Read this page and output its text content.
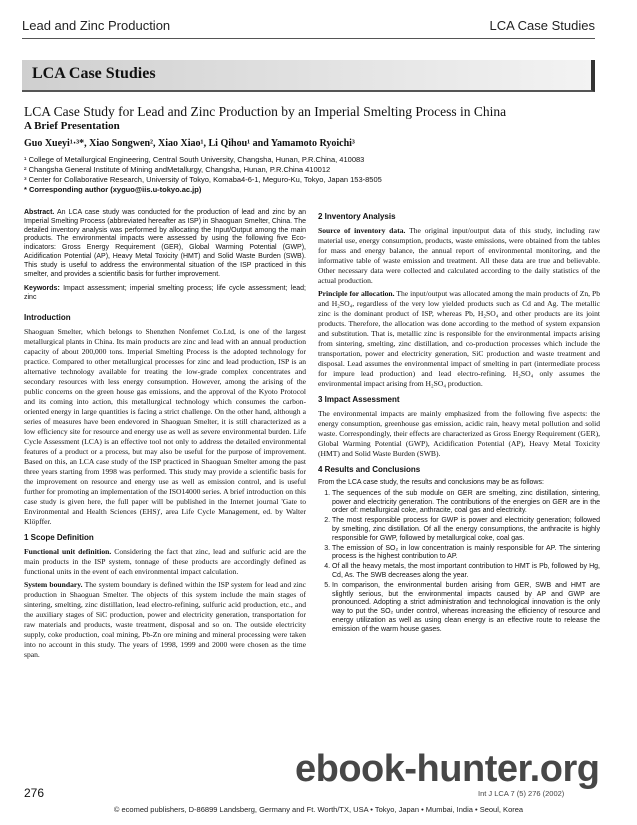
Lead and Zinc Production	LCA Case Studies
LCA Case Studies
LCA Case Study for Lead and Zinc Production by an Imperial Smelting Process in China
A Brief Presentation
Guo Xueyi¹·³*, Xiao Songwen², Xiao Xiao¹, Li Qihou¹ and Yamamoto Ryoichi³
¹ College of Metallurgical Engineering, Central South University, Changsha, Hunan, P.R.China, 410083
² Changsha General Institute of Mining andMetallurgy, Changsha, Hunan, P.R.China 410012
³ Center for Collaborative Research, University of Tokyo, Komaba4-6-1, Meguro-Ku, Tokyo, Japan 153-8505
* Corresponding author (xyguo@iis.u-tokyo.ac.jp)

Abstract. An LCA case study was conducted for the production of lead and zinc by an Imperial Smelting Process (abbreviated hereafter as ISP) in Shaoguan Smelter, China. The detailed inventory analysis was performed by allocating the Input/Output among the main products. The environmental impacts were assessed by using the following five Eco-indicators: Gross Energy Requirement (GER), Global Warming Potential (GWP), Acidification Potential (AP), Heavy Metal Toxicity (HMT) and Solid Waste Burden (SWB). This study is useful to address the environmental situation of the ISP practiced in this smelter, and provides a scientific basis for further improvement.

Keywords: Impact assessment; imperial smelting process; life cycle assessment; lead; zinc

Introduction

Shaoguan Smelter, which belongs to Shenzhen Nonfemet Co.Ltd, is one of the largest metallurgical plants in China. Its main products are zinc and lead with an annual production capacity of about 200,000 tons. Imperial Smelting Process is the adopted technology for practice. Compared to other metallurgical processes for zinc and lead production, ISP is an alternative technology available for treating the low-grade complex concentrates and secondary resources with less energy consumption. However, among the arising of the public concerns on the green house gas emissions, and the approval of the Kyoto Protocol and its coming into action, this metallurgical technology which consumes the carbon-oriented energy in large quantities is facing a strict challenge. On the other hand, although a series of measures have been endevored in Shaoguan Smelter, it is still characterized as a low efficiency site for resource and energy use as well as severe environmental burden. Life Cycle Assessment (LCA) is an effective tool not only to address the detailed environmental features of a product or a process, but may also be useful for the purpose of improvement. Based on this, an LCA case study of the ISP practiced in Shaoguan Smelter among the past three years starting from 1998 was performed. This study may provide a scientific basis for the improvement on resource and energy use as well as emission control, and is useful further for promoting an implementation of the ISO14000 series. A brief introduction on this case study is given here, the full paper will be published in the Internet journal 'Gate to Environmental and Health Sciences (EHS)', area Life Cycle Management, ed. by Walter Klöpffer.

1 Scope Definition

Functional unit definition. Considering the fact that zinc, lead and sulfuric acid are the main products in the ISP system, tonnage of these products are accordingly defined as functional units in the event of each environmental impact calculation.

System boundary. The system boundary is defined within the ISP system for lead and zinc production in Shaoguan Smelter. The objects of this system include the main stages of sintering, smelting, zinc distillation, lead electro-refining, sulfuric acid production, etc., and the auxiliary stages of SiC production, power and electricity generation, transportation for raw materials and products, waste treatment, disposal and so on. The outside electricity supply, coke production, coal mining, Pb-Zn ore mining and mineral processing were taken into no account in this study. The years of 1998, 1999 and 2000 were chosen as the time span.

2 Inventory Analysis

Source of inventory data. The original input/output data of this study, including raw material use, energy consumption, products, waste emissions, were obtained from the tables for mass and energy balance, the annual report of environmental monitoring, and the informative table of waste emission and treatment. All these data are true and believable. Other necessary data were collected and calculated according to the daily statistics of the actual production.

Principle for allocation. The input/output was allocated among the main products of Zn, Pb and H₂SO₄, regardless of the very low yielded products such as Cd and Ag. The metallic zinc is the dominant product of ISP, whereas Pb, H₂SO₄ and other products are its joint products. Therefore, the allocation was done according to the method of system expansion and substitution. That is, metallic zinc is responsible for the environmental impacts arising from sintering, smelting, zinc distillation, and co-production processes which include the transportation, power and electricity generation, SiC production and waste treatment and disposal. Lead assumes the environmental impact of smelting in part (intermediate process for impure lead production) and lead electro-refining. H₂SO₄ only assumes the environmental impact arising from H₂SO₄ production.

3 Impact Assessment

The environmental impacts are mainly emphasized from the following five aspects: the energy consumption, greenhouse gas emission, acidic rain, heavy metal pollution and solid waste. Correspondingly, their effects are characterized as Gross Energy Requirement (GER), Global Warming Potential (GWP), Acidification Potential (AP), Heavy Metal Toxicity (HMT) and Solid Waste Burden (SWB).

4 Results and Conclusions

From the LCA case study, the results and conclusions may be as follows:

1. The sequences of the sub module on GER are smelting, zinc distillation, sintering, power and electricity generation. The contributions of the energies on GER are in the order of: metallurgical coke, anthracite, coal gas and electricity.
2. The most responsible process for GWP is power and electricity generation; followed by smelting, zinc distillation. Of all the energy consumptions, the anthracite is highly responsible for GWP, followed by metallurgical coke, coal gas.
3. The emission of SO₂ in low concentration is mainly responsible for AP. The sintering process is the highest contribution to AP.
4. Of all the heavy metals, the most important contribution to HMT is Pb, followed by Hg, Cd, As. The SWB decreases along the year.
5. In comparison, the environmental burden arising from GER, SWB and HMT are slightly serious, but the environmental impacts caused by AP and GWP are pronounced. Adopting a strict administration and technological innovation is the only way to put the SO₂ under control, whereas increasing the efficiency of resource and energy utilization as well as using clean energy is an effective route to release the emission of the warm house gases.
276	Int J LCA 7 (5) 276 (2002)
© ecomed publishers, D-86899 Landsberg, Germany and Ft. Worth/TX, USA • Tokyo, Japan • Mumbai, India • Seoul, Korea
ebook-hunter.org
